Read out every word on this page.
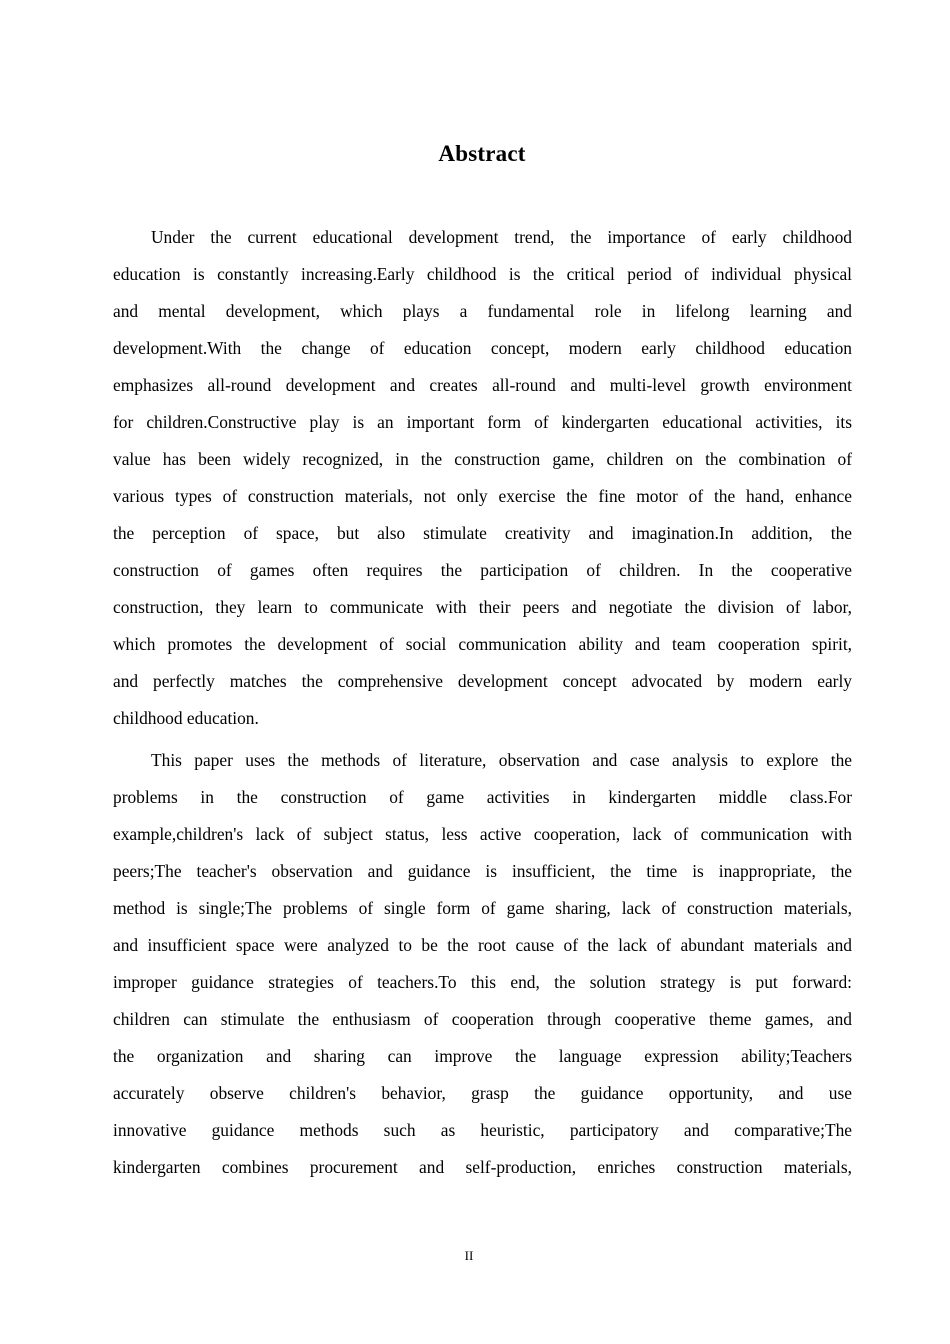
Abstract
Under the current educational development trend, the importance of early childhood
education is constantly increasing.Early childhood is the critical period of individual physical
and mental development, which plays a fundamental role in lifelong learning and
development.With the change of education concept, modern early childhood education
emphasizes all-round development and creates all-round and multi-level growth environment
for children.Constructive play is an important form of kindergarten educational activities, its
value has been widely recognized, in the construction game, children on the combination of
various types of construction materials, not only exercise the fine motor of the hand, enhance
the perception of space, but also stimulate creativity and imagination.In addition, the
construction of games often requires the participation of children. In the cooperative
construction, they learn to communicate with their peers and negotiate the division of labor,
which promotes the development of social communication ability and team cooperation spirit,
and perfectly matches the comprehensive development concept advocated by modern early
childhood education.
This paper uses the methods of literature, observation and case analysis to explore the
problems in the construction of game activities in kindergarten middle class.For
example,children's lack of subject status, less active cooperation, lack of communication with
peers;The teacher's observation and guidance is insufficient, the time is inappropriate, the
method is single;The problems of single form of game sharing, lack of construction materials,
and insufficient space were analyzed to be the root cause of the lack of abundant materials and
improper guidance strategies of teachers.To this end, the solution strategy is put forward:
children can stimulate the enthusiasm of cooperation through cooperative theme games, and
the organization and sharing can improve the language expression ability;Teachers
accurately observe children's behavior, grasp the guidance opportunity, and use
innovative guidance methods such as heuristic, participatory and comparative;The
kindergarten combines procurement and self-production, enriches construction materials,
II
